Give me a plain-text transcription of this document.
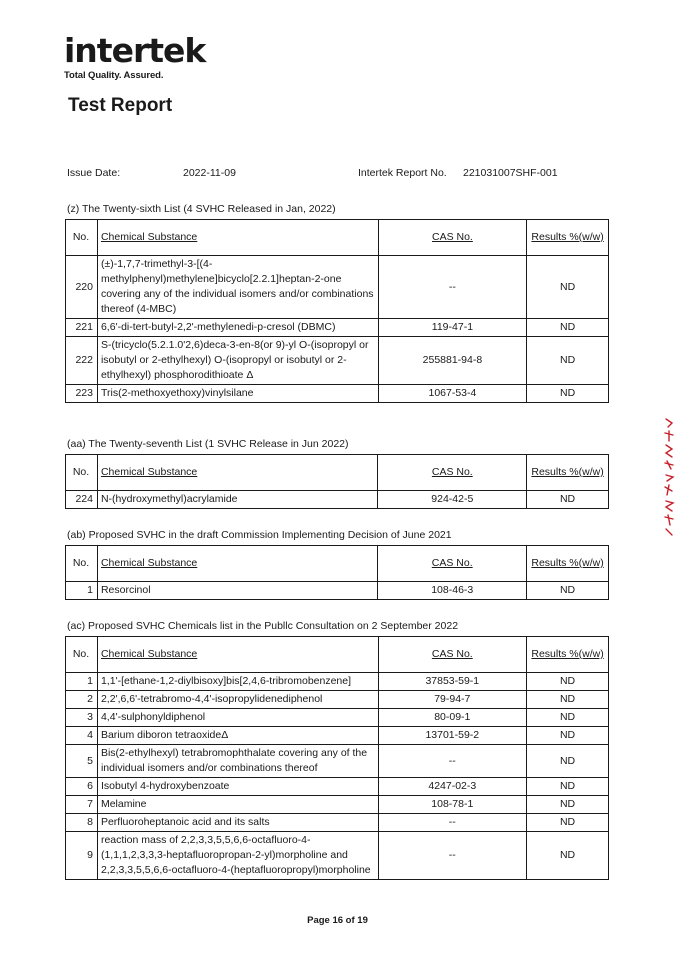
intertek
Total Quality. Assured.
Test Report
Issue Date:	2022-11-09	Intertek Report No. 221031007SHF-001
(z) The Twenty-sixth List (4 SVHC Released in Jan, 2022)
No.	Chemical Substance	CAS No.	Results %(w/w)
220	(±)-1,7,7-trimethyl-3-[(4-methylphenyl)methylene]bicyclo[2.2.1]heptan-2-one covering any of the individual isomers and/or combinations thereof (4-MBC)	--	ND
221	6,6'-di-tert-butyl-2,2'-methylenedi-p-cresol (DBMC)	119-47-1	ND
222	S-(tricyclo(5.2.1.0'2,6)deca-3-en-8(or 9)-yl O-(isopropyl or isobutyl or 2-ethylhexyl) O-(isopropyl or isobutyl or 2-ethylhexyl) phosphorodithioate Δ	255881-94-8	ND
223	Tris(2-methoxyethoxy)vinylsilane	1067-53-4	ND
(aa) The Twenty-seventh List (1 SVHC Release in Jun 2022)
No.	Chemical Substance	CAS No.	Results %(w/w)
224	N-(hydroxymethyl)acrylamide	924-42-5	ND
(ab) Proposed SVHC in the draft Commission Implementing Decision of June 2021
No.	Chemical Substance	CAS No.	Results %(w/w)
1	Resorcinol	108-46-3	ND
(ac) Proposed SVHC Chemicals list in the Publlc Consultation on 2 September 2022
No.	Chemical Substance	CAS No.	Results %(w/w)
1	1,1'-[ethane-1,2-diylbisoxy]bis[2,4,6-tribromobenzene]	37853-59-1	ND
2	2,2',6,6'-tetrabromo-4,4'-isopropylidenediphenol	79-94-7	ND
3	4,4'-sulphonyldiphenol	80-09-1	ND
4	Barium diboron tetraoxideΔ	13701-59-2	ND
5	Bis(2-ethylhexyl) tetrabromophthalate covering any of the individual isomers and/or combinations thereof	--	ND
6	Isobutyl 4-hydroxybenzoate	4247-02-3	ND
7	Melamine	108-78-1	ND
8	Perfluoroheptanoic acid and its salts	--	ND
9	reaction mass of 2,2,3,3,5,5,6,6-octafluoro-4-(1,1,1,2,3,3,3-heptafluoropropan-2-yl)morpholine and 2,2,3,3,5,5,6,6-octafluoro-4-(heptafluoropropyl)morpholine	--	ND
Page 16 of 19
